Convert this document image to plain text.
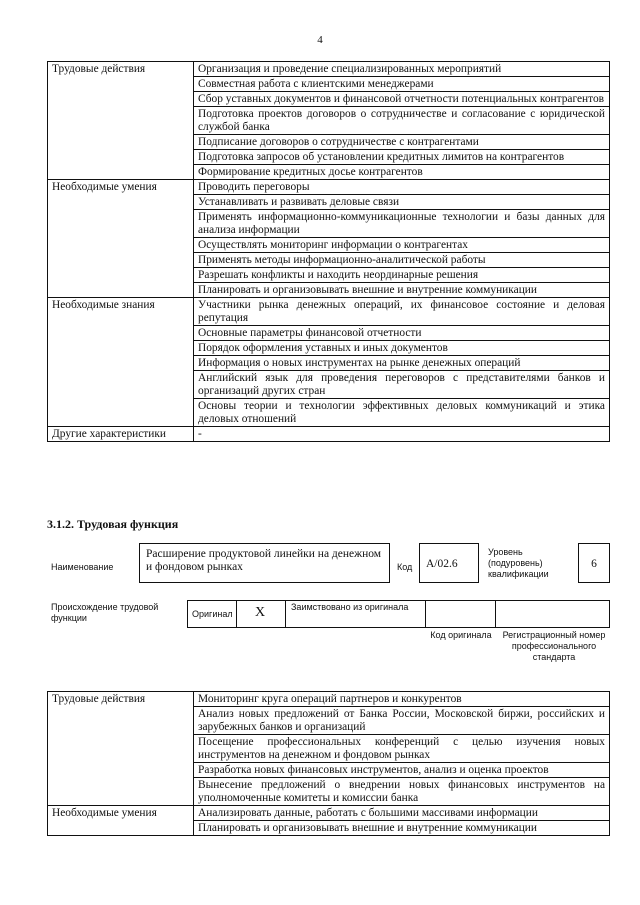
4
Трудовые действия	Организация и проведение специализированных мероприятий
	Совместная работа с клиентскими менеджерами
	Сбор уставных документов и финансовой отчетности потенциальных контрагентов
	Подготовка проектов договоров о сотрудничестве и согласование с юридической службой банка
	Подписание договоров о сотрудничестве с контрагентами
	Подготовка запросов об установлении кредитных лимитов на контрагентов
	Формирование кредитных досье контрагентов
Необходимые умения	Проводить переговоры
	Устанавливать и развивать деловые связи
	Применять информационно-коммуникационные технологии и базы данных для анализа информации
	Осуществлять мониторинг информации о контрагентах
	Применять методы информационно-аналитической работы
	Разрешать конфликты и находить неординарные решения
	Планировать и организовывать внешние и внутренние коммуникации
Необходимые знания	Участники рынка денежных операций, их финансовое состояние и деловая репутация
	Основные параметры финансовой отчетности
	Порядок оформления уставных и иных документов
	Информация о новых инструментах на рынке денежных операций
	Английский язык для проведения переговоров с представителями банков и организаций других стран
	Основы теории и технологии эффективных деловых коммуникаций и этика деловых отношений
Другие характеристики	-
3.1.2. Трудовая функция
Наименование
Расширение продуктовой линейки на денежном и фондовом рынках	Код	А/02.6
Уровень (подуровень) квалификации
6
Происхождение трудовой функции	Оригинал X	Заимствовано из оригинала
Код оригинала Регистрационный номер профессионального стандарта
Трудовые действия	Мониторинг круга операций партнеров и конкурентов
	Анализ новых предложений от Банка России, Московской биржи, российских и зарубежных банков и организаций
	Посещение профессиональных конференций с целью изучения новых инструментов на денежном и фондовом рынках
	Разработка новых финансовых инструментов, анализ и оценка проектов
	Вынесение предложений о внедрении новых финансовых инструментов на уполномоченные комитеты и комиссии банка
Необходимые умения	Анализировать данные, работать с большими массивами информации
	Планировать и организовывать внешние и внутренние коммуникации
